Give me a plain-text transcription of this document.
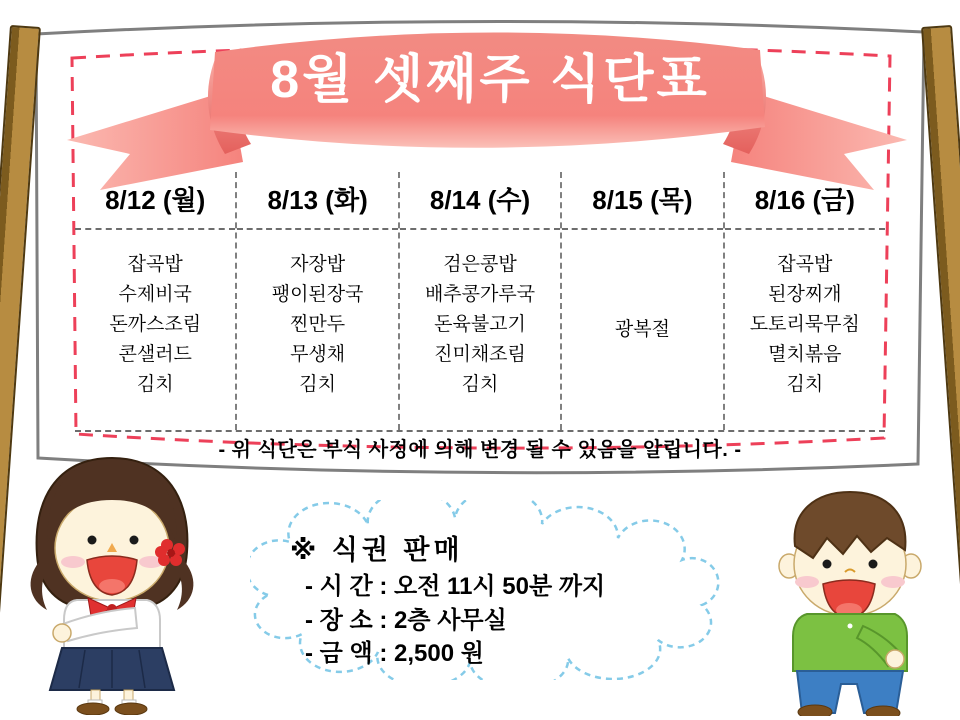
8월 셋째주 식단표
8/12 (월)
잡곡밥
수제비국
돈까스조림
콘샐러드
김치
8/13 (화)
자장밥
팽이된장국
찐만두
무생채
김치
8/14 (수)
검은콩밥
배추콩가루국
돈육불고기
진미채조림
김치
8/15 (목)
광복절
8/16 (금)
잡곡밥
된장찌개
도토리묵무침
멸치볶음
김치
- 위 식단은 부식 사정에 의해 변경 될 수 있음을 알립니다. -
※ 식권 판매
- 시 간 : 오전 11시 50분 까지
- 장 소 : 2층 사무실
- 금 액 : 2,500 원
